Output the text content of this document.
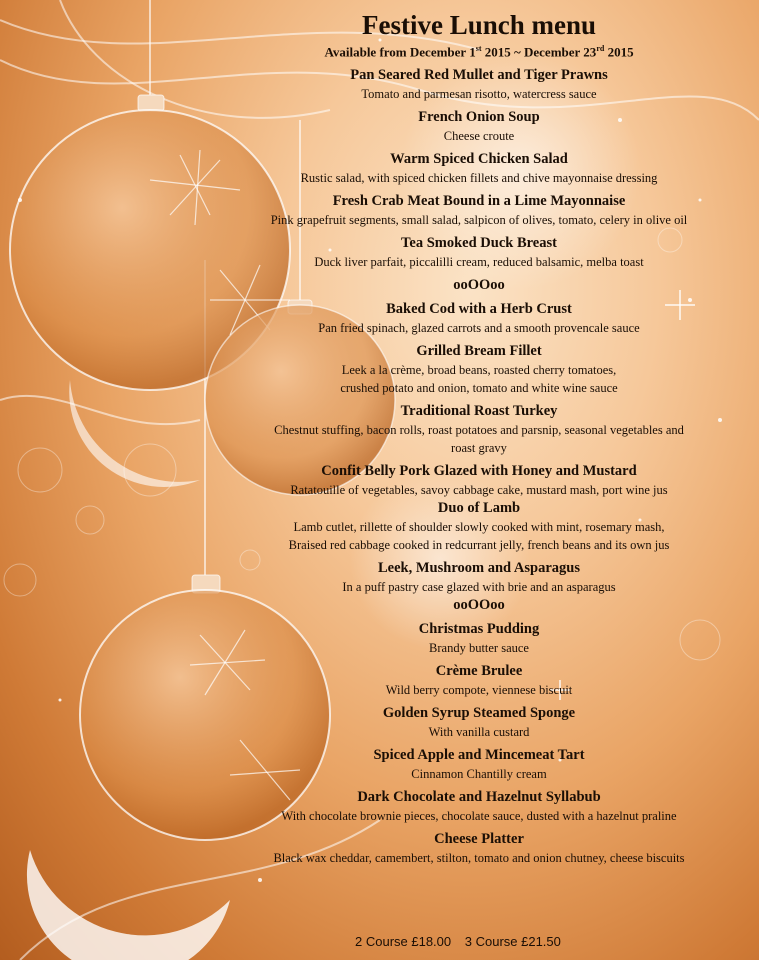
Festive Lunch menu
Available from December 1st 2015 ~ December 23rd 2015
Pan Seared Red Mullet and Tiger Prawns
Tomato and parmesan risotto, watercress sauce
French Onion Soup
Cheese croute
Warm Spiced Chicken Salad
Rustic salad, with spiced chicken fillets and chive mayonnaise dressing
Fresh Crab Meat Bound in a Lime Mayonnaise
Pink grapefruit segments, small salad, salpicon of olives, tomato, celery in olive oil
Tea Smoked Duck Breast
Duck liver parfait, piccalilli cream, reduced balsamic, melba toast
ooOOoo
Baked Cod with a Herb Crust
Pan fried spinach, glazed carrots and a smooth provencale sauce
Grilled Bream Fillet
Leek a la crème, broad beans, roasted cherry tomatoes,
crushed potato and onion, tomato and white wine sauce
Traditional Roast Turkey
Chestnut stuffing, bacon rolls, roast potatoes and parsnip, seasonal vegetables and
roast gravy
Confit Belly Pork Glazed with Honey and Mustard
Ratatouille of vegetables, savoy cabbage cake, mustard mash, port wine jus
Duo of Lamb
Lamb cutlet, rillette of shoulder slowly cooked with mint, rosemary mash,
Braised red cabbage cooked in redcurrant jelly, french beans and its own jus
Leek, Mushroom and Asparagus
In a puff pastry case glazed with brie and an asparagus
ooOOoo
Christmas Pudding
Brandy butter sauce
Crème Brulee
Wild berry compote, viennese biscuit
Golden Syrup Steamed Sponge
With vanilla custard
Spiced Apple and Mincemeat Tart
Cinnamon Chantilly cream
Dark Chocolate and Hazelnut Syllabub
With chocolate brownie pieces, chocolate sauce, dusted with a hazelnut praline
Cheese Platter
Black wax cheddar, camembert, stilton, tomato and onion chutney, cheese biscuits
2 Course £18.00 3 Course £21.50
